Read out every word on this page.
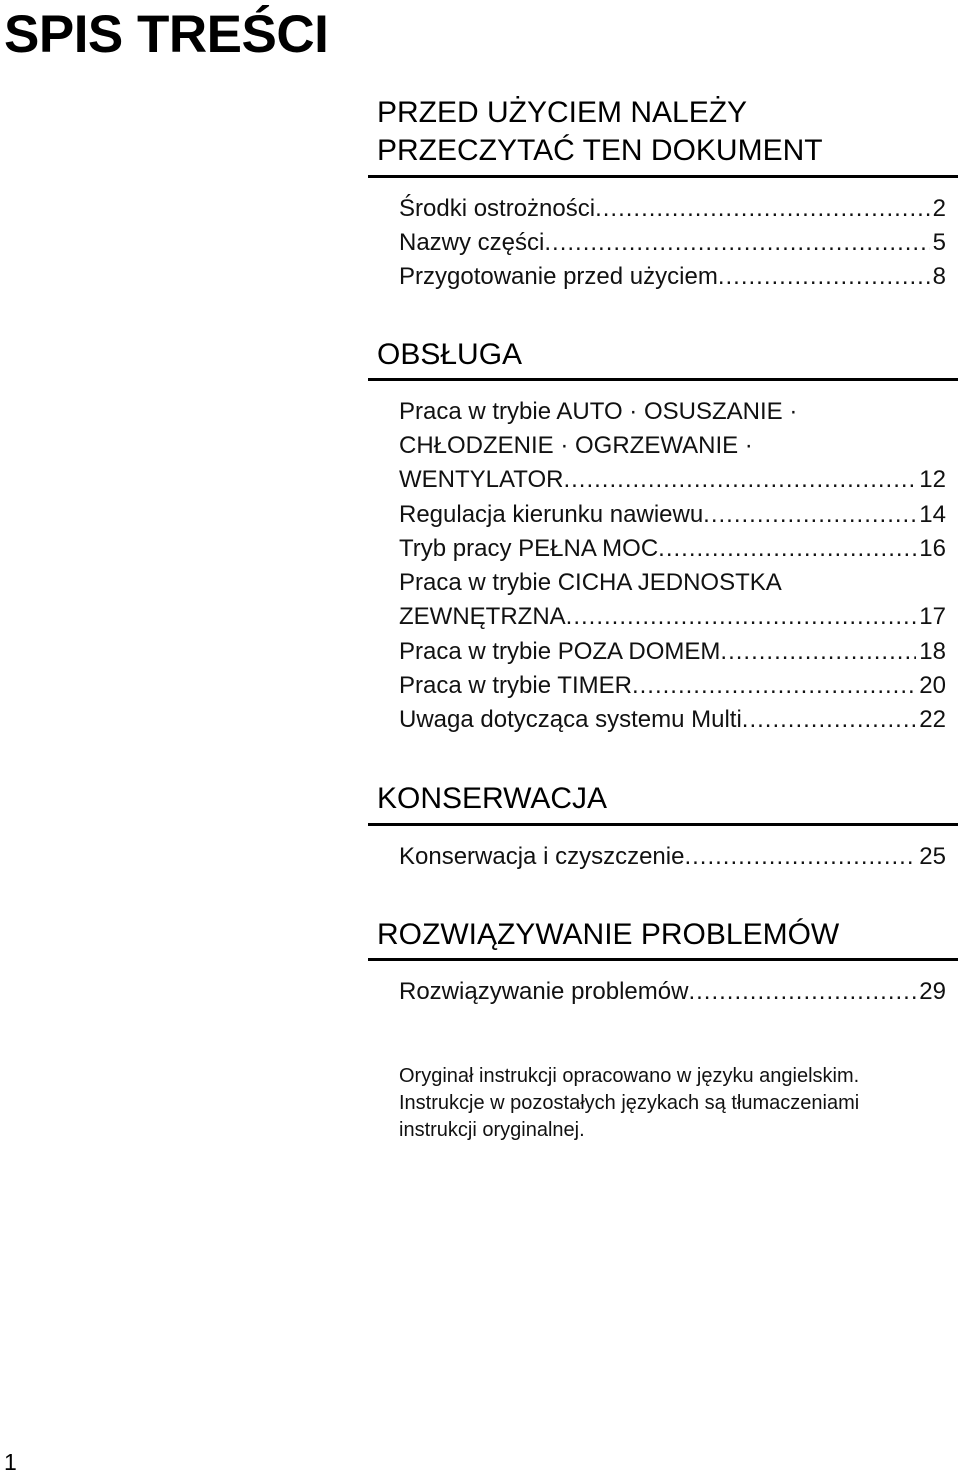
SPIS TREŚCI
PRZED UŻYCIEM NALEŻY
PRZECZYTAĆ TEN DOKUMENT
Środki ostrożności .....	2
Nazwy części .....	5
Przygotowanie przed użyciem .....	8
OBSŁUGA
Praca w trybie AUTO · OSUSZANIE ·
CHŁODZENIE · OGRZEWANIE ·
WENTYLATOR .....	12
Regulacja kierunku nawiewu .....	14
Tryb pracy PEŁNA MOC .....	16
Praca w trybie CICHA JEDNOSTKA
ZEWNĘTRZNA .....	17
Praca w trybie POZA DOMEM .....	18
Praca w trybie TIMER .....	20
Uwaga dotycząca systemu Multi .....	22
KONSERWACJA
Konserwacja i czyszczenie .....	25
ROZWIĄZYWANIE PROBLEMÓW
Rozwiązywanie problemów .....	29

Oryginał instrukcji opracowano w języku angielskim.

Instrukcje w pozostałych językach są tłumaczeniami

instrukcji oryginalnej.

1
